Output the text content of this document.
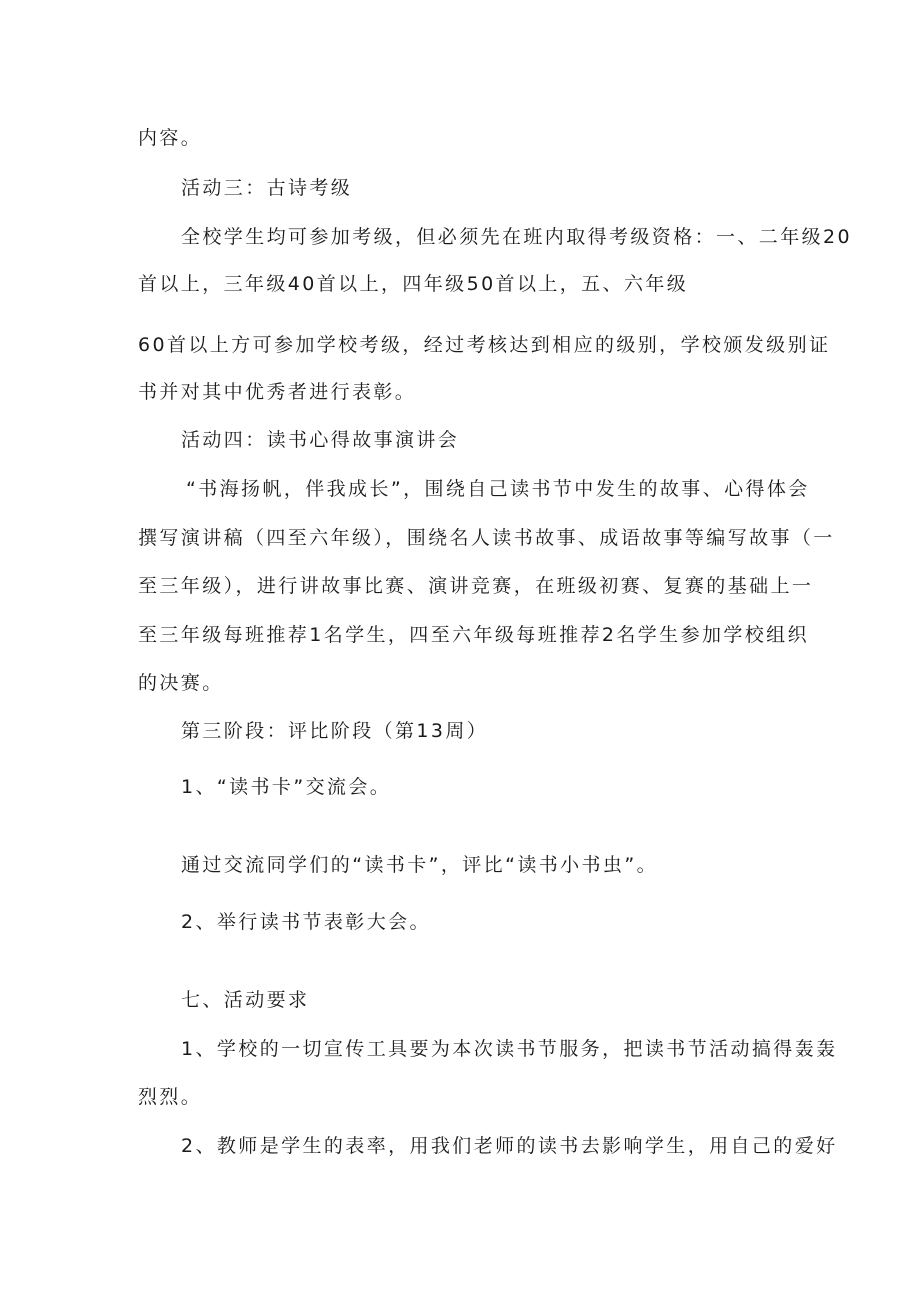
内容。
活动三：古诗考级
全校学生均可参加考级，但必须先在班内取得考级资格：一、二年级20
首以上，三年级40首以上，四年级50首以上，五、六年级
60首以上方可参加学校考级，经过考核达到相应的级别，学校颁发级别证
书并对其中优秀者进行表彰。
活动四：读书心得故事演讲会
“书海扬帆，伴我成长”，围绕自己读书节中发生的故事、心得体会
撰写演讲稿（四至六年级），围绕名人读书故事、成语故事等编写故事（一
至三年级），进行讲故事比赛、演讲竞赛，在班级初赛、复赛的基础上一
至三年级每班推荐1名学生，四至六年级每班推荐2名学生参加学校组织
的决赛。
第三阶段：评比阶段（第13周）
1、“读书卡”交流会。
通过交流同学们的“读书卡”，评比“读书小书虫”。
2、举行读书节表彰大会。
七、活动要求
1、学校的一切宣传工具要为本次读书节服务，把读书节活动搞得轰轰
烈烈。
2、教师是学生的表率，用我们老师的读书去影响学生，用自己的爱好
